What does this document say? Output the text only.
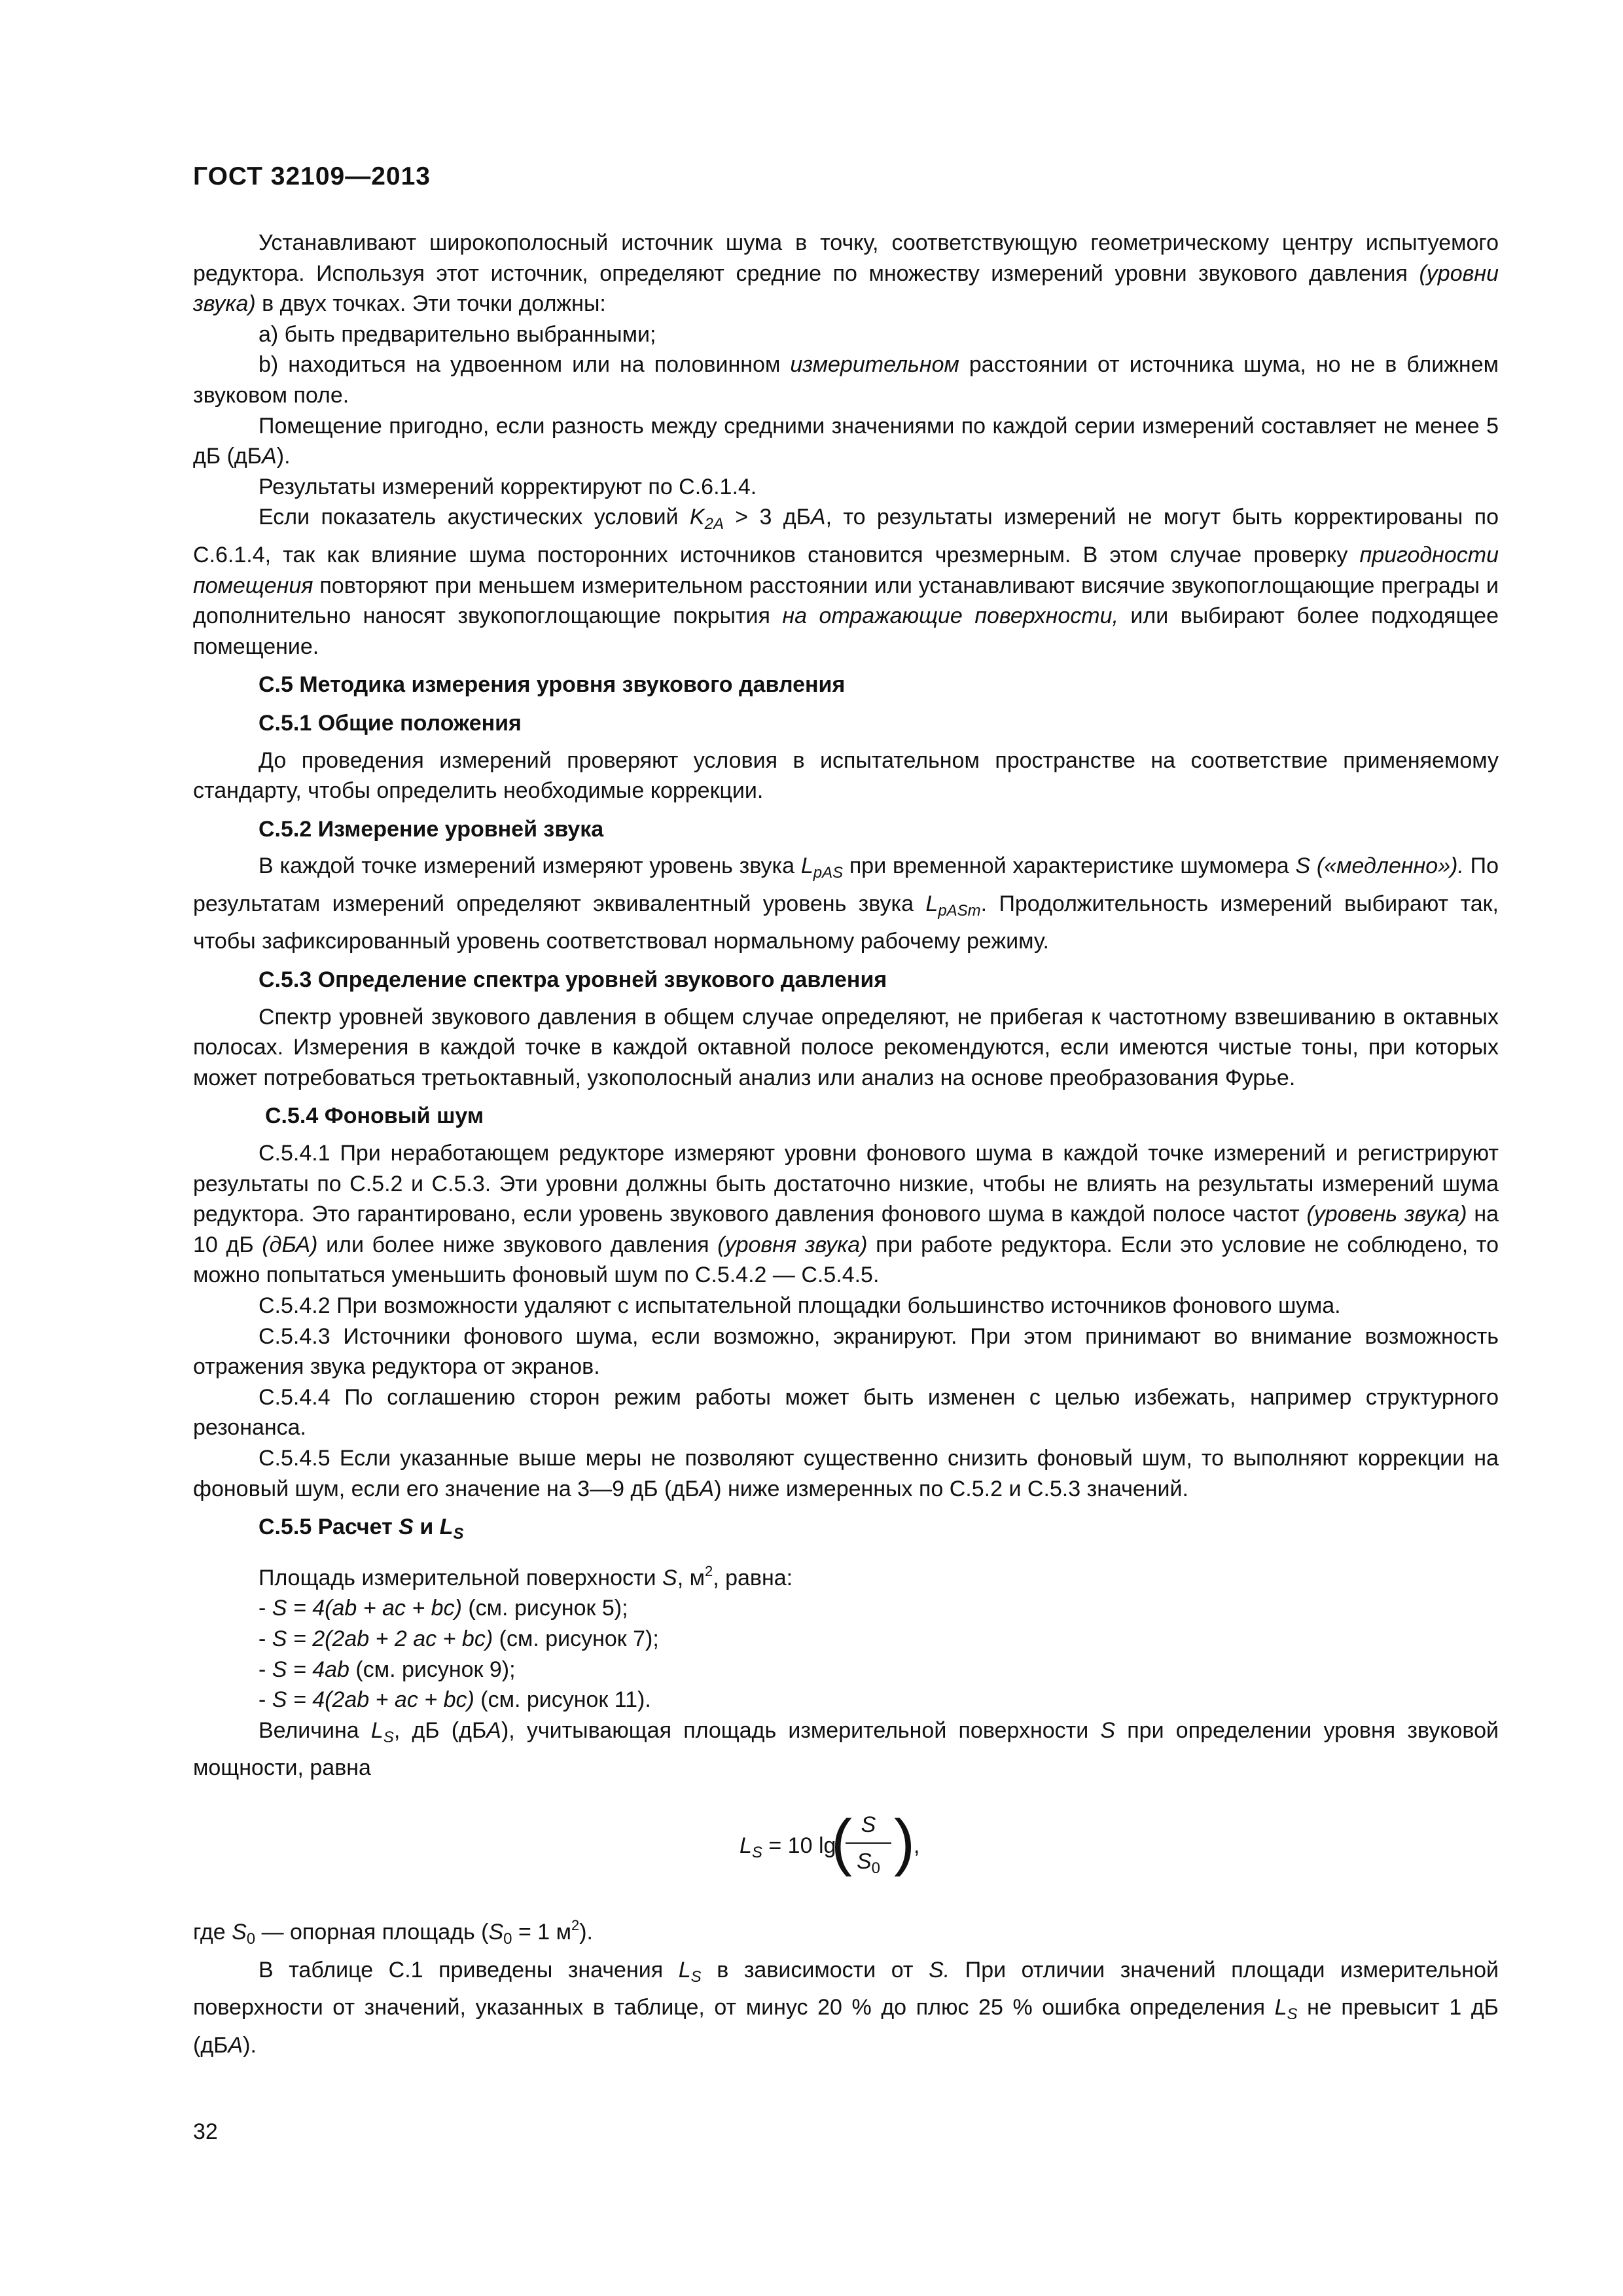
ГОСТ 32109—2013

Устанавливают широкополосный источник шума в точку, соответствующую геометрическому центру испытуемого редуктора. Используя этот источник, определяют средние по множеству измерений уровни звукового давления (уровни звука) в двух точках. Эти точки должны:

a) быть предварительно выбранными;

b) находиться на удвоенном или на половинном измерительном расстоянии от источника шума, но не в ближнем звуковом поле.

Помещение пригодно, если разность между средними значениями по каждой серии измерений составляет не менее 5 дБ (дБА).

Результаты измерений корректируют по С.6.1.4.

Если показатель акустических условий $K_{2A} > 3$ дБА, то результаты измерений не могут быть корректированы по С.6.1.4, так как влияние шума посторонних источников становится чрезмерным. В этом случае проверку пригодности помещения повторяют при меньшем измерительном расстоянии или устанавливают висячие звукопоглощающие преграды и дополнительно наносят звукопоглощающие покрытия на отражающие поверхности, или выбирают более подходящее помещение.

С.5 Методика измерения уровня звукового давления

С.5.1 Общие положения

До проведения измерений проверяют условия в испытательном пространстве на соответствие применяемому стандарту, чтобы определить необходимые коррекции.

С.5.2 Измерение уровней звука

В каждой точке измерений измеряют уровень звука $L_{pAS}$ при временной характеристике шумомера S («медленно»). По результатам измерений определяют эквивалентный уровень звука $L_{pASm}$. Продолжительность измерений выбирают так, чтобы зафиксированный уровень соответствовал нормальному рабочему режиму.

С.5.3 Определение спектра уровней звукового давления

Спектр уровней звукового давления в общем случае определяют, не прибегая к частотному взвешиванию в октавных полосах. Измерения в каждой точке в каждой октавной полосе рекомендуются, если имеются чистые тоны, при которых может потребоваться третьоктавный, узкополосный анализ или анализ на основе преобразования Фурье.

С.5.4 Фоновый шум

С.5.4.1 При неработающем редукторе измеряют уровни фонового шума в каждой точке измерений и регистрируют результаты по С.5.2 и С.5.3. Эти уровни должны быть достаточно низкие, чтобы не влиять на результаты измерений шума редуктора. Это гарантировано, если уровень звукового давления фонового шума в каждой полосе частот (уровень звука) на 10 дБ (дБА) или более ниже звукового давления (уровня звука) при работе редуктора. Если это условие не соблюдено, то можно попытаться уменьшить фоновый шум по С.5.4.2 — С.5.4.5.

С.5.4.2 При возможности удаляют с испытательной площадки большинство источников фонового шума.

С.5.4.3 Источники фонового шума, если возможно, экранируют. При этом принимают во внимание возможность отражения звука редуктора от экранов.

С.5.4.4 По соглашению сторон режим работы может быть изменен с целью избежать, например структурного резонанса.

С.5.4.5 Если указанные выше меры не позволяют существенно снизить фоновый шум, то выполняют коррекции на фоновый шум, если его значение на 3—9 дБ (дБА) ниже измеренных по С.5.2 и С.5.3 значений.

С.5.5 Расчет S и $L_S$

Площадь измерительной поверхности S, $м^2$, равна:

- S = 4(ab + ac + bc) (см. рисунок 5);

- S = 2(2ab + 2 ac + bc) (см. рисунок 7);

- S = 4ab (см. рисунок 9);

- S = 4(2ab + ac + bc) (см. рисунок 11).

Величина $L_S$, дБ (дБА), учитывающая площадь измерительной поверхности S при определении уровня звуковой мощности, равна

$L_S = 10$ lg
( S
$S_0$ )
,

где $S_0$ — опорная площадь ($S_0 = 1$ $м^2$).

В таблице С.1 приведены значения $L_S$ в зависимости от S. При отличии значений площади измерительной поверхности от значений, указанных в таблице, от минус 20 % до плюс 25 % ошибка определения $L_S$ не превысит 1 дБ (дБА).

32
